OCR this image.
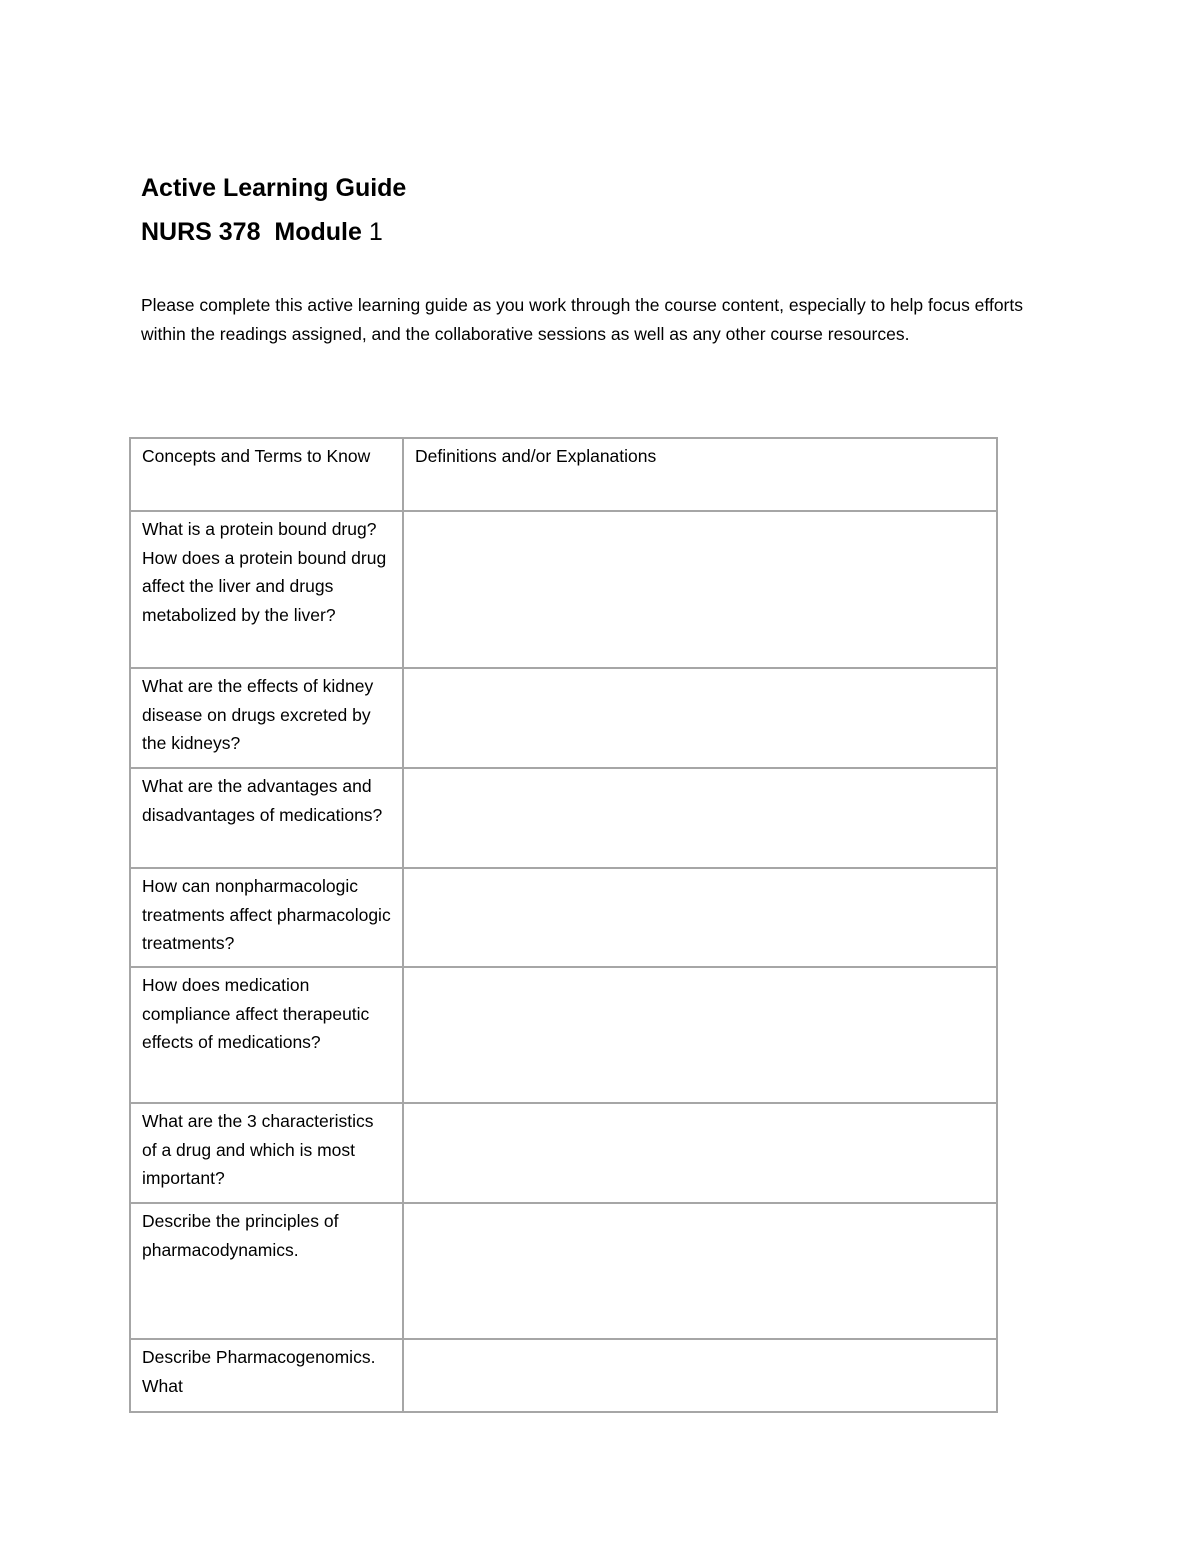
Active Learning Guide

NURS 378 Module 1

Please complete this active learning guide as you work through the course content, especially to help focus efforts within the readings assigned, and the collaborative sessions as well as any other course resources.

Concepts and Terms to Know	Definitions and/or Explanations
What is a protein bound drug? How does a protein bound drug affect the liver and drugs metabolized by the liver?	
What are the effects of kidney disease on drugs excreted by the kidneys?	
What are the advantages and disadvantages of medications?	
How can nonpharmacologic treatments affect pharmacologic treatments?	
How does medication compliance affect therapeutic effects of medications?	
What are the 3 characteristics of a drug and which is most important?	
Describe the principles of pharmacodynamics.	
Describe Pharmacogenomics. What	
